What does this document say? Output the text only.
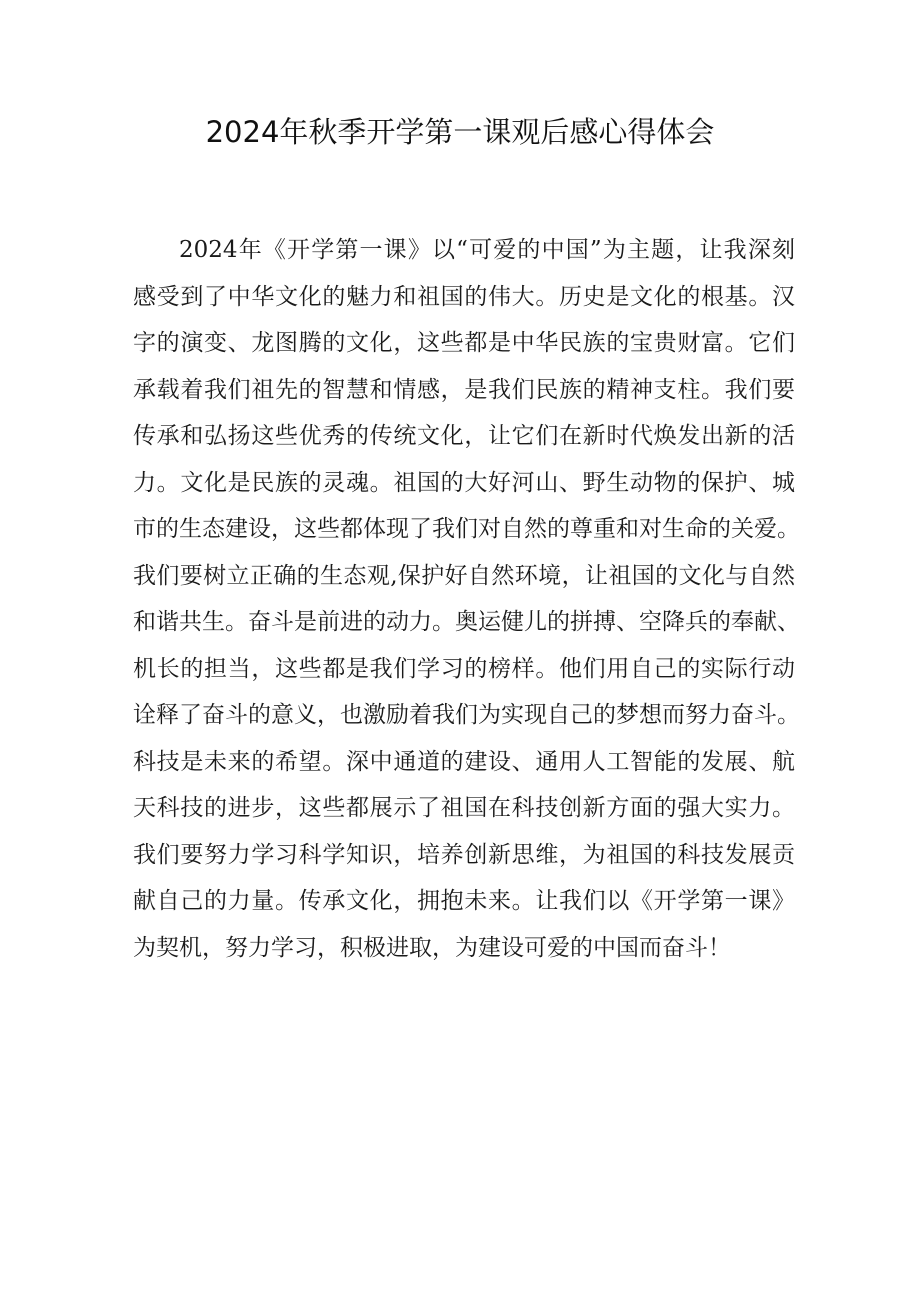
2024年秋季开学第一课观后感心得体会
2024年《开学第一课》以“可爱的中国”为主题，让我深刻
感受到了中华文化的魅力和祖国的伟大。历史是文化的根基。汉
字的演变、龙图腾的文化，这些都是中华民族的宝贵财富。它们
承载着我们祖先的智慧和情感，是我们民族的精神支柱。我们要
传承和弘扬这些优秀的传统文化，让它们在新时代焕发出新的活
力。文化是民族的灵魂。祖国的大好河山、野生动物的保护、城
市的生态建设，这些都体现了我们对自然的尊重和对生命的关爱。
我们要树立正确的生态观,保护好自然环境，让祖国的文化与自然
和谐共生。奋斗是前进的动力。奥运健儿的拼搏、空降兵的奉献、
机长的担当，这些都是我们学习的榜样。他们用自己的实际行动
诠释了奋斗的意义，也激励着我们为实现自己的梦想而努力奋斗。
科技是未来的希望。深中通道的建设、通用人工智能的发展、航
天科技的进步，这些都展示了祖国在科技创新方面的强大实力。
我们要努力学习科学知识，培养创新思维，为祖国的科技发展贡
献自己的力量。传承文化，拥抱未来。让我们以《开学第一课》
为契机，努力学习，积极进取，为建设可爱的中国而奋斗！
